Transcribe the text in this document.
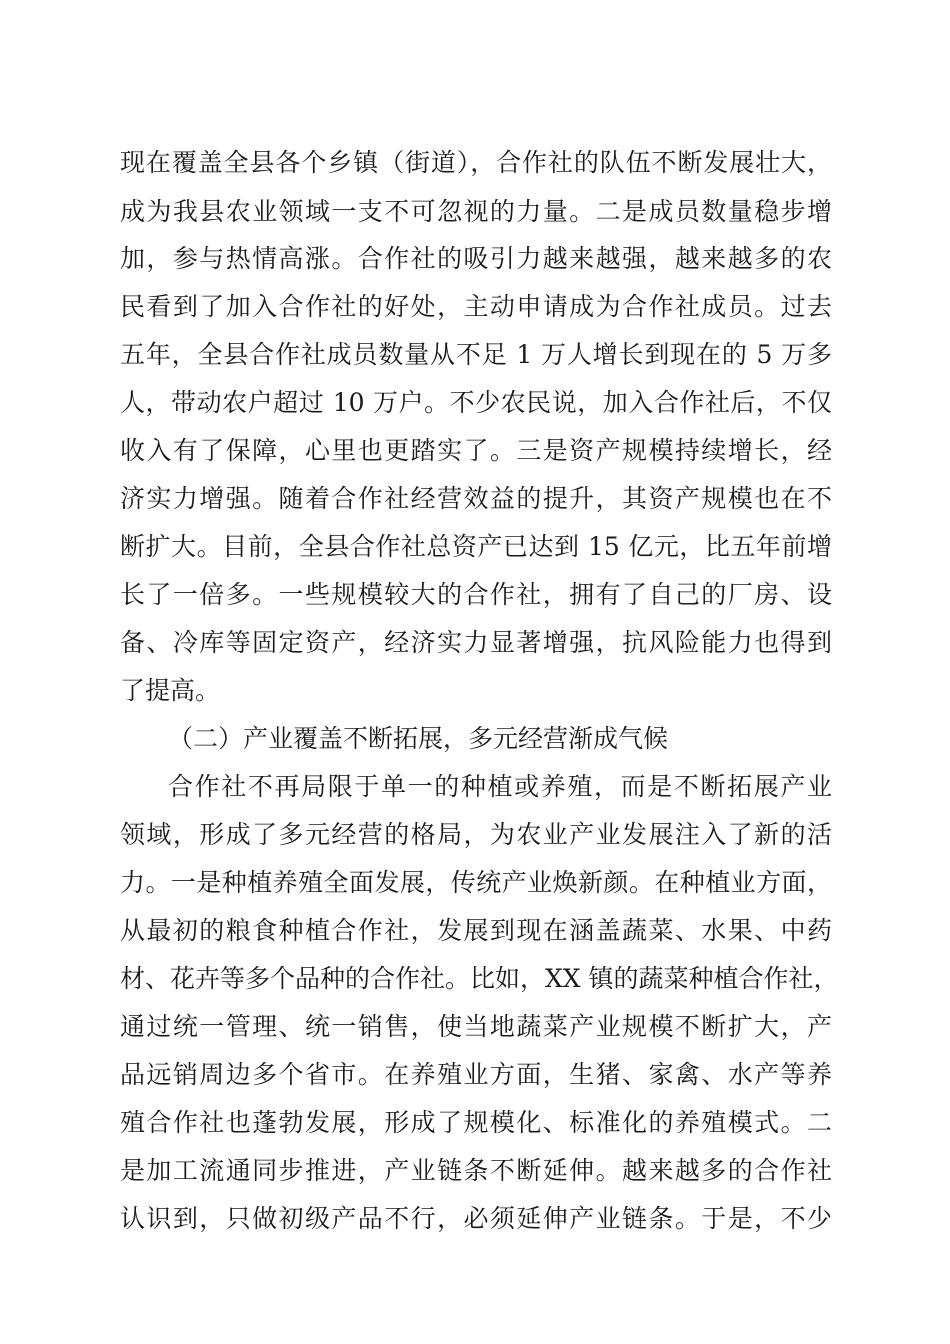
现在覆盖全县各个乡镇（街道），合作社的队伍不断发展壮大，
成为我县农业领域一支不可忽视的力量。二是成员数量稳步增
加，参与热情高涨。合作社的吸引力越来越强，越来越多的农
民看到了加入合作社的好处，主动申请成为合作社成员。过去
五年，全县合作社成员数量从不足 1 万人增长到现在的 5 万多
人，带动农户超过 10 万户。不少农民说，加入合作社后，不仅
收入有了保障，心里也更踏实了。三是资产规模持续增长，经
济实力增强。随着合作社经营效益的提升，其资产规模也在不
断扩大。目前，全县合作社总资产已达到 15 亿元，比五年前增
长了一倍多。一些规模较大的合作社，拥有了自己的厂房、设
备、冷库等固定资产，经济实力显著增强，抗风险能力也得到
了提高。
（二）产业覆盖不断拓展，多元经营渐成气候
合作社不再局限于单一的种植或养殖，而是不断拓展产业
领域，形成了多元经营的格局，为农业产业发展注入了新的活
力。一是种植养殖全面发展，传统产业焕新颜。在种植业方面，
从最初的粮食种植合作社，发展到现在涵盖蔬菜、水果、中药
材、花卉等多个品种的合作社。比如，XX 镇的蔬菜种植合作社，
通过统一管理、统一销售，使当地蔬菜产业规模不断扩大，产
品远销周边多个省市。在养殖业方面，生猪、家禽、水产等养
殖合作社也蓬勃发展，形成了规模化、标准化的养殖模式。二
是加工流通同步推进，产业链条不断延伸。越来越多的合作社
认识到，只做初级产品不行，必须延伸产业链条。于是，不少
